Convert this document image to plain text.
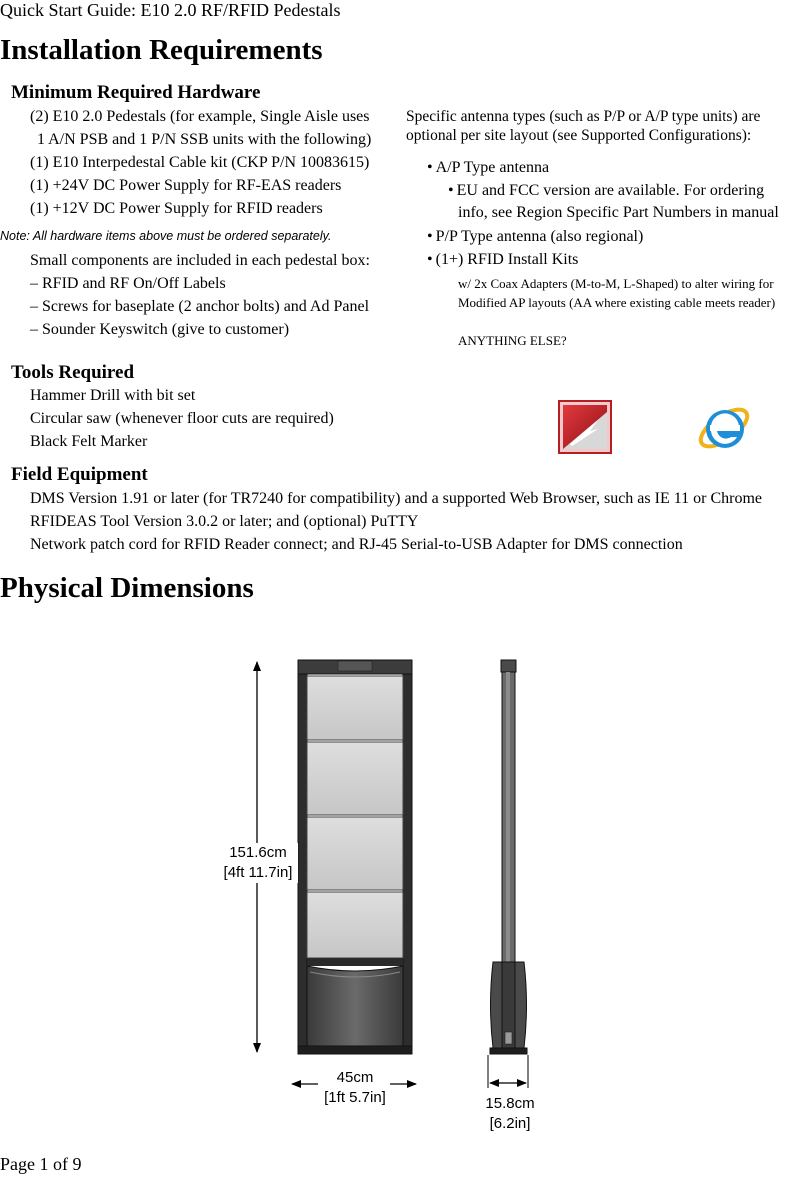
Quick Start Guide: E10 2.0 RF/RFID Pedestals
Installation Requirements
Minimum Required Hardware
(2) E10 2.0 Pedestals (for example, Single Aisle uses
1 A/N PSB and 1 P/N SSB units with the following)
(1) E10 Interpedestal Cable kit (CKP P/N 10083615)
(1) +24V DC Power Supply for RF-EAS readers
(1) +12V DC Power Supply for RFID readers
Note: All hardware items above must be ordered separately.
Small components are included in each pedestal box:
– RFID and RF On/Off Labels
– Screws for baseplate (2 anchor bolts) and Ad Panel
– Sounder Keyswitch (give to customer)
Specific antenna types (such as P/P or A/P type units) are
optional per site layout (see Supported Configurations):
• A/P Type antenna
• EU and FCC version are available. For ordering
info, see Region Specific Part Numbers in manual
• P/P Type antenna (also regional)
• (1+) RFID Install Kits
w/ 2x Coax Adapters (M-to-M, L-Shaped) to alter wiring for
Modified AP layouts (AA where existing cable meets reader)
ANYTHING ELSE?
Tools Required
Hammer Drill with bit set
Circular saw (whenever floor cuts are required)
Black Felt Marker
Field Equipment
DMS Version 1.91 or later (for TR7240 for compatibility) and a supported Web Browser, such as IE 11 or Chrome
RFIDEAS Tool Version 3.0.2 or later; and (optional) PuTTY
Network patch cord for RFID Reader connect; and RJ-45 Serial-to-USB Adapter for DMS connection
Physical Dimensions
151.6cm
[4ft 11.7in]
45cm
[1ft 5.7in]	15.8cm
[6.2in]
Page 1 of 9
